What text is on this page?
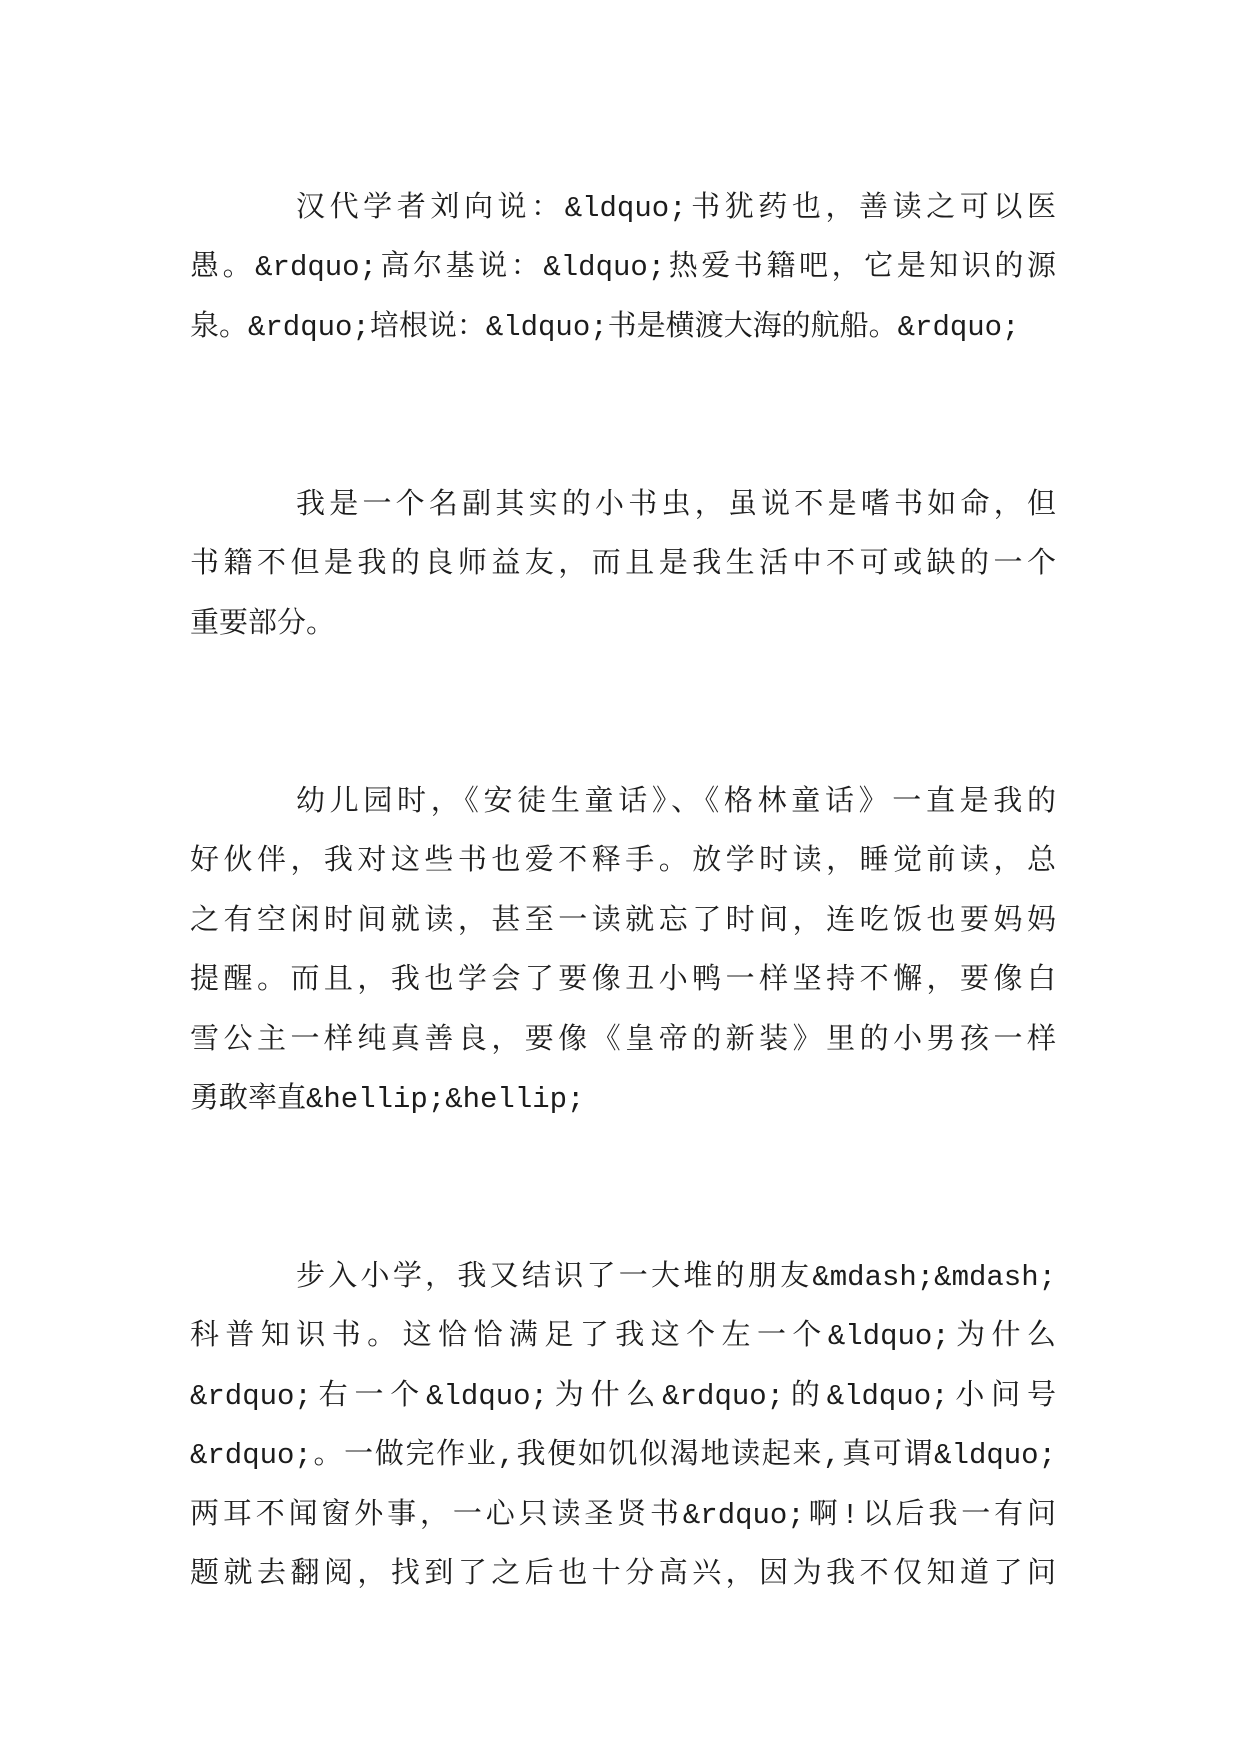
汉代学者刘向说：&ldquo;书犹药也，善读之可以医
愚。&rdquo;高尔基说：&ldquo;热爱书籍吧，它是知识的源
泉。&rdquo;培根说：&ldquo;书是横渡大海的航船。&rdquo;
我是一个名副其实的小书虫，虽说不是嗜书如命，但
书籍不但是我的良师益友，而且是我生活中不可或缺的一个
重要部分。
幼儿园时，《安徒生童话》、《格林童话》一直是我的
好伙伴，我对这些书也爱不释手。放学时读，睡觉前读，总
之有空闲时间就读，甚至一读就忘了时间，连吃饭也要妈妈
提醒。而且，我也学会了要像丑小鸭一样坚持不懈，要像白
雪公主一样纯真善良，要像《皇帝的新装》里的小男孩一样
勇敢率直&hellip;&hellip;
步入小学，我又结识了一大堆的朋友&mdash;&mdash;
科普知识书。这恰恰满足了我这个左一个&ldquo;为什么
&rdquo;右一个&ldquo;为什么&rdquo;的&ldquo;小问号
&rdquo;。一做完作业,我便如饥似渴地读起来,真可谓&ldquo;
两耳不闻窗外事，一心只读圣贤书&rdquo;啊!以后我一有问
题就去翻阅，找到了之后也十分高兴，因为我不仅知道了问
